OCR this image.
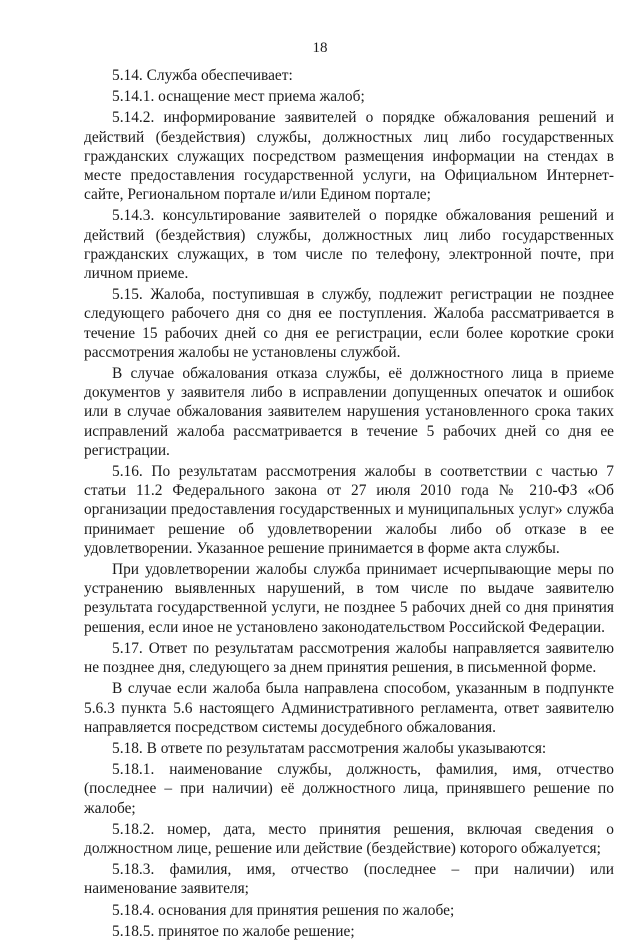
18

5.14. Служба обеспечивает:

5.14.1. оснащение мест приема жалоб;

5.14.2. информирование заявителей о порядке обжалования решений и действий (бездействия) службы, должностных лиц либо государственных гражданских служащих посредством размещения информации на стендах в месте предоставления государственной услуги, на Официальном Интернет-сайте, Региональном портале и/или Едином портале;

5.14.3. консультирование заявителей о порядке обжалования решений и действий (бездействия) службы, должностных лиц либо государственных гражданских служащих, в том числе по телефону, электронной почте, при личном приеме.

5.15. Жалоба, поступившая в службу, подлежит регистрации не позднее следующего рабочего дня со дня ее поступления. Жалоба рассматривается в течение 15 рабочих дней со дня ее регистрации, если более короткие сроки рассмотрения жалобы не установлены службой.

В случае обжалования отказа службы, её должностного лица в приеме документов у заявителя либо в исправлении допущенных опечаток и ошибок или в случае обжалования заявителем нарушения установленного срока таких исправлений жалоба рассматривается в течение 5 рабочих дней со дня ее регистрации.

5.16. По результатам рассмотрения жалобы в соответствии с частью 7 статьи 11.2 Федерального закона от 27 июля 2010 года № 210-ФЗ «Об организации предоставления государственных и муниципальных услуг» служба принимает решение об удовлетворении жалобы либо об отказе в ее удовлетворении. Указанное решение принимается в форме акта службы.

При удовлетворении жалобы служба принимает исчерпывающие меры по устранению выявленных нарушений, в том числе по выдаче заявителю результата государственной услуги, не позднее 5 рабочих дней со дня принятия решения, если иное не установлено законодательством Российской Федерации.

5.17. Ответ по результатам рассмотрения жалобы направляется заявителю не позднее дня, следующего за днем принятия решения, в письменной форме.

В случае если жалоба была направлена способом, указанным в подпункте 5.6.3 пункта 5.6 настоящего Административного регламента, ответ заявителю направляется посредством системы досудебного обжалования.

5.18. В ответе по результатам рассмотрения жалобы указываются:

5.18.1. наименование службы, должность, фамилия, имя, отчество (последнее – при наличии) её должностного лица, принявшего решение по жалобе;

5.18.2. номер, дата, место принятия решения, включая сведения о должностном лице, решение или действие (бездействие) которого обжалуется;

5.18.3. фамилия, имя, отчество (последнее – при наличии) или наименование заявителя;

5.18.4. основания для принятия решения по жалобе;

5.18.5. принятое по жалобе решение;
